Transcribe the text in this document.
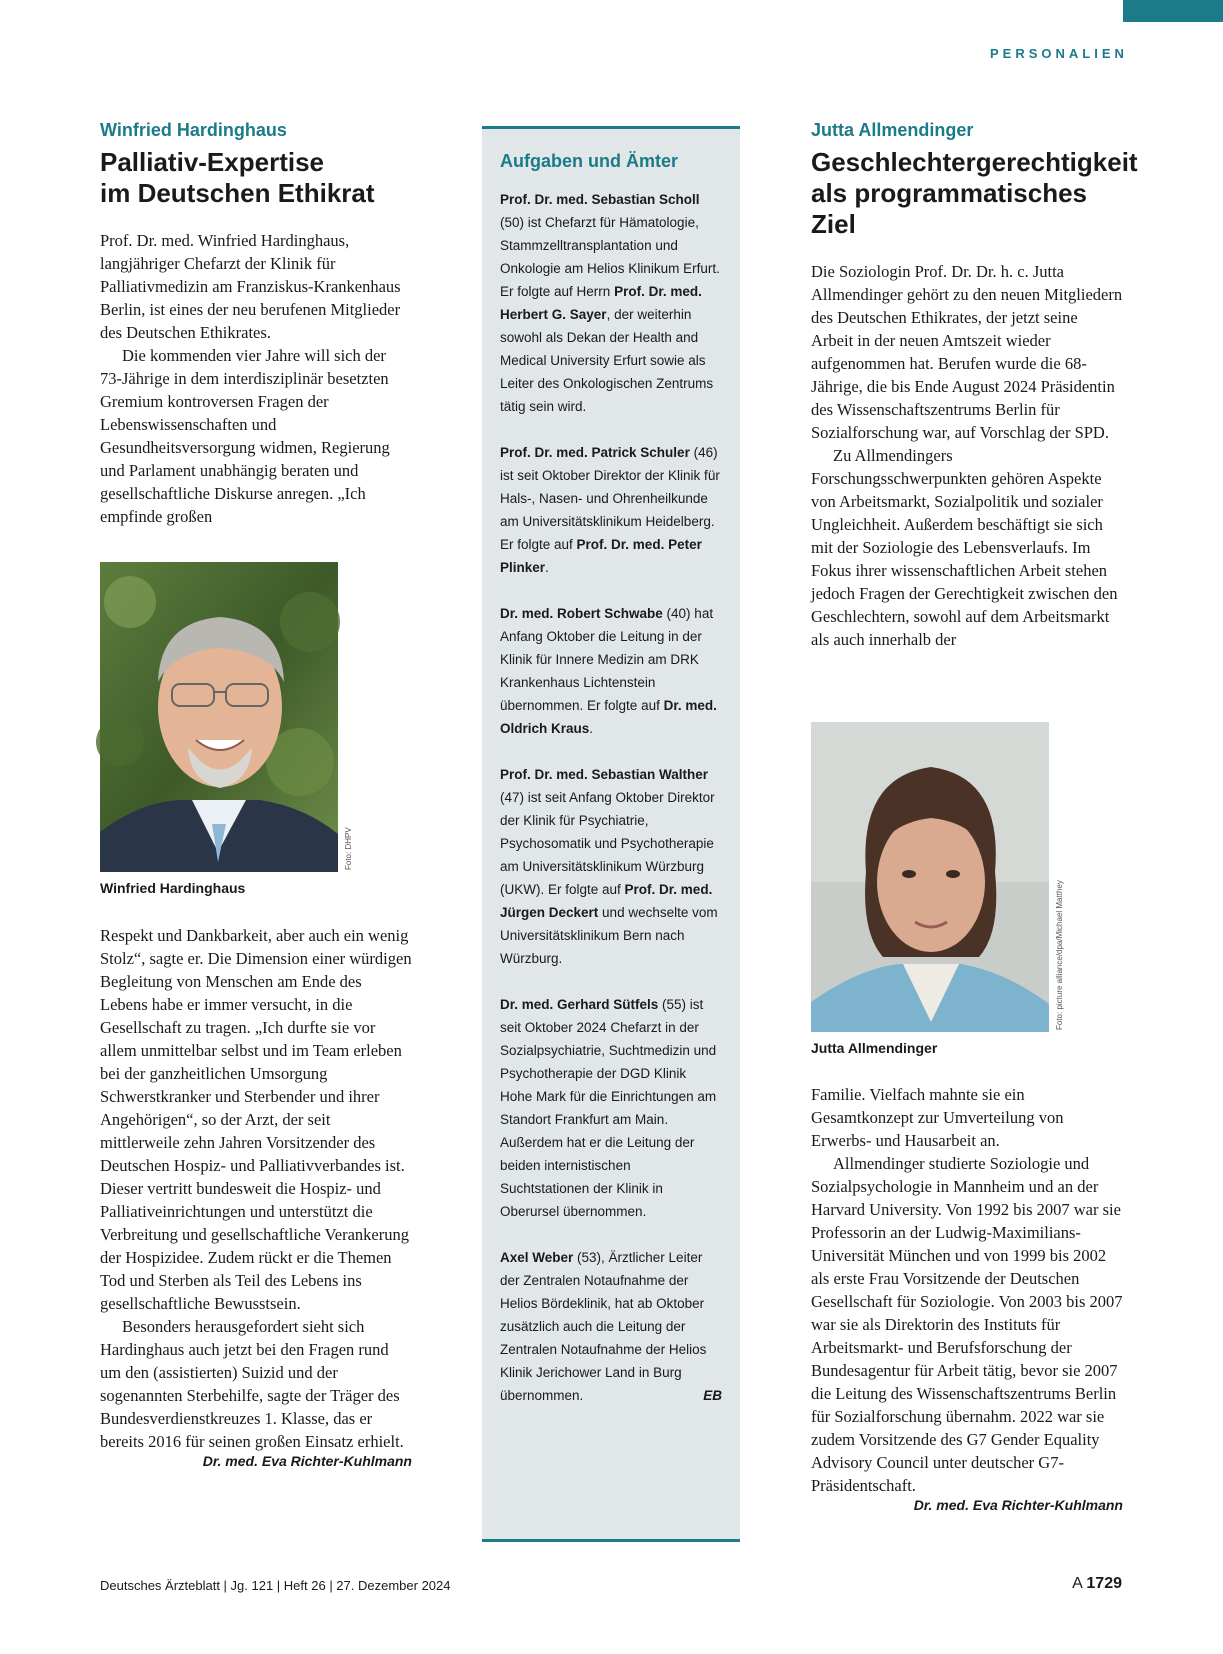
PERSONALIEN

Winfried Hardinghaus

Palliativ-Expertise
im Deutschen Ethikrat

Prof. Dr. med. Winfried Hardinghaus, langjähriger Chefarzt der Klinik für Palliativmedizin am Franziskus-Krankenhaus Berlin, ist eines der neu berufenen Mitglieder des Deutschen Ethikrates.

Die kommenden vier Jahre will sich der 73-Jährige in dem interdisziplinär besetzten Gremium kontroversen Fragen der Lebenswissenschaften und Gesundheitsversorgung widmen, Regierung und Parlament unabhängig beraten und gesellschaftliche Diskurse anregen. „Ich empfinde großen

Foto: DHPV

Winfried Hardinghaus

Respekt und Dankbarkeit, aber auch ein wenig Stolz“, sagte er. Die Dimension einer würdigen Begleitung von Menschen am Ende des Lebens habe er immer versucht, in die Gesellschaft zu tragen. „Ich durfte sie vor allem unmittelbar selbst und im Team erleben bei der ganzheitlichen Umsorgung Schwerstkranker und Sterbender und ihrer Angehörigen“, so der Arzt, der seit mittlerweile zehn Jahren Vorsitzender des Deutschen Hospiz- und Palliativverbandes ist. Dieser vertritt bundesweit die Hospiz- und Palliativeinrichtungen und unterstützt die Verbreitung und gesellschaftliche Verankerung der Hospizidee. Zudem rückt er die Themen Tod und Sterben als Teil des Lebens ins gesellschaftliche Bewusstsein.

Besonders herausgefordert sieht sich Hardinghaus auch jetzt bei den Fragen rund um den (assistierten) Suizid und der sogenannten Sterbehilfe, sagte der Träger des Bundesverdienstkreuzes 1. Klasse, das er bereits 2016 für seinen großen Einsatz erhielt.

Dr. med. Eva Richter-Kuhlmann

Aufgaben und Ämter

Prof. Dr. med. Sebastian Scholl (50) ist Chefarzt für Hämatologie, Stammzelltransplantation und Onkologie am Helios Klinikum Erfurt. Er folgte auf Herrn Prof. Dr. med. Herbert G. Sayer, der weiterhin sowohl als Dekan der Health and Medical University Erfurt sowie als Leiter des Onkologischen Zentrums tätig sein wird.

Prof. Dr. med. Patrick Schuler (46) ist seit Oktober Direktor der Klinik für Hals-, Nasen- und Ohrenheilkunde am Universitätsklinikum Heidelberg. Er folgte auf Prof. Dr. med. Peter Plinker.

Dr. med. Robert Schwabe (40) hat Anfang Oktober die Leitung in der Klinik für Innere Medizin am DRK Krankenhaus Lichtenstein übernommen. Er folgte auf Dr. med. Oldrich Kraus.

Prof. Dr. med. Sebastian Walther (47) ist seit Anfang Oktober Direktor der Klinik für Psychiatrie, Psychosomatik und Psychotherapie am Universitätsklinikum Würzburg (UKW). Er folgte auf Prof. Dr. med. Jürgen Deckert und wechselte vom Universitätsklinikum Bern nach Würzburg.

Dr. med. Gerhard Sütfels (55) ist seit Oktober 2024 Chefarzt in der Sozialpsychiatrie, Suchtmedizin und Psychotherapie der DGD Klinik Hohe Mark für die Einrichtungen am Standort Frankfurt am Main. Außerdem hat er die Leitung der beiden internistischen Suchtstationen der Klinik in Oberursel übernommen.

Axel Weber (53), Ärztlicher Leiter der Zentralen Notaufnahme der Helios Bördeklinik, hat ab Oktober zusätzlich auch die Leitung der Zentralen Notaufnahme der Helios Klinik Jerichower Land in Burg übernommen.	EB

Jutta Allmendinger

Geschlechtergerechtigkeit
als programmatisches Ziel

Die Soziologin Prof. Dr. Dr. h. c. Jutta Allmendinger gehört zu den neuen Mitgliedern des Deutschen Ethikrates, der jetzt seine Arbeit in der neuen Amtszeit wieder aufgenommen hat. Berufen wurde die 68-Jährige, die bis Ende August 2024 Präsidentin des Wissenschaftszentrums Berlin für Sozialforschung war, auf Vorschlag der SPD.

Zu Allmendingers Forschungsschwerpunkten gehören Aspekte von Arbeitsmarkt, Sozialpolitik und sozialer Ungleichheit. Außerdem beschäftigt sie sich mit der Soziologie des Lebensverlaufs. Im Fokus ihrer wissenschaftlichen Arbeit stehen jedoch Fragen der Gerechtigkeit zwischen den Geschlechtern, sowohl auf dem Arbeitsmarkt als auch innerhalb der

Foto: picture alliance/dpa/Michael Matthey

Jutta Allmendinger

Familie. Vielfach mahnte sie ein Gesamtkonzept zur Umverteilung von Erwerbs- und Hausarbeit an.

Allmendinger studierte Soziologie und Sozialpsychologie in Mannheim und an der Harvard University. Von 1992 bis 2007 war sie Professorin an der Ludwig-Maximilians-Universität München und von 1999 bis 2002 als erste Frau Vorsitzende der Deutschen Gesellschaft für Soziologie. Von 2003 bis 2007 war sie als Direktorin des Instituts für Arbeitsmarkt- und Berufsforschung der Bundesagentur für Arbeit tätig, bevor sie 2007 die Leitung des Wissenschaftszentrums Berlin für Sozialforschung übernahm. 2022 war sie zudem Vorsitzende des G7 Gender Equality Advisory Council unter deutscher G7-Präsidentschaft.

Dr. med. Eva Richter-Kuhlmann

Deutsches Ärzteblatt | Jg. 121 | Heft 26 | 27. Dezember 2024	A 1729
